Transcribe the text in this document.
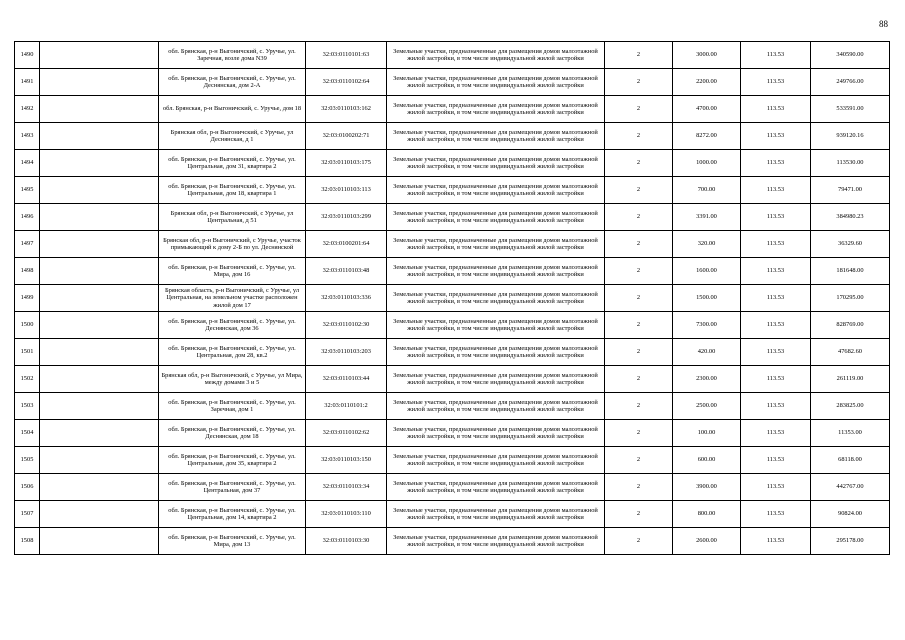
88
1490		обл. Брянская, р-н Выгоничский, с. Уручье, ул. Заречная, возле дома N39	32:03:0110101:63	Земельные участки, предназначенные для размещения домов малоэтажной жилой застройки, в том числе индивидуальной жилой застройки	2	3000.00	113.53	340590.00
1491		обл. Брянская, р-н Выгоничский, с. Уручье, ул. Деснянская, дом 2-А	32:03:0110102:64	Земельные участки, предназначенные для размещения домов малоэтажной жилой застройки, в том числе индивидуальной жилой застройки	2	2200.00	113.53	249766.00
1492		обл. Брянская, р-н Выгоничский, с. Уручье, дом 18	32:03:0110103:162	Земельные участки, предназначенные для размещения домов малоэтажной жилой застройки, в том числе индивидуальной жилой застройки	2	4700.00	113.53	533591.00
1493		Брянская обл, р-н Выгоничский, с Уручье, ул Деснянская, д 1	32:03:0100202:71	Земельные участки, предназначенные для размещения домов малоэтажной жилой застройки, в том числе индивидуальной жилой застройки	2	8272.00	113.53	939120.16
1494		обл. Брянская, р-н Выгоничский, с. Уручье, ул. Центральная, дом 31, квартира 2	32:03:0110103:175	Земельные участки, предназначенные для размещения домов малоэтажной жилой застройки, в том числе индивидуальной жилой застройки	2	1000.00	113.53	113530.00
1495		обл. Брянская, р-н Выгоничский, с. Уручье, ул. Центральная, дом 18, квартира 1	32:03:0110103:113	Земельные участки, предназначенные для размещения домов малоэтажной жилой застройки, в том числе индивидуальной жилой застройки	2	700.00	113.53	79471.00
1496		Брянская обл, р-н Выгоничский, с Уручье, ул Центральная, д 51	32:03:0110103:299	Земельные участки, предназначенные для размещения домов малоэтажной жилой застройки, в том числе индивидуальной жилой застройки	2	3391.00	113.53	384980.23
1497		Брянская обл, р-н Выгоничский, с Уручье, участок примыкающий к дому 2-Б по ул. Деснянской	32:03:0100201:64	Земельные участки, предназначенные для размещения домов малоэтажной жилой застройки, в том числе индивидуальной жилой застройки	2	320.00	113.53	36329.60
1498		обл. Брянская, р-н Выгоничский, с. Уручье, ул. Мира, дом 16	32:03:0110103:48	Земельные участки, предназначенные для размещения домов малоэтажной жилой застройки, в том числе индивидуальной жилой застройки	2	1600.00	113.53	181648.00
1499		Брянская область, р-н Выгоничский, с Уручье, ул Центральная, на земельном участке расположен жилой дом 17	32:03:0110103:336	Земельные участки, предназначенные для размещения домов малоэтажной жилой застройки, в том числе индивидуальной жилой застройки	2	1500.00	113.53	170295.00
1500		обл. Брянская, р-н Выгоничский, с. Уручье, ул. Деснянская, дом 36	32:03:0110102:30	Земельные участки, предназначенные для размещения домов малоэтажной жилой застройки, в том числе индивидуальной жилой застройки	2	7300.00	113.53	828769.00
1501		обл. Брянская, р-н Выгоничский, с. Уручье, ул. Центральная, дом 28, кв.2	32:03:0110103:203	Земельные участки, предназначенные для размещения домов малоэтажной жилой застройки, в том числе индивидуальной жилой застройки	2	420.00	113.53	47682.60
1502		Брянская обл, р-н Выгоничский, с Уручье, ул Мира, между домами 3 и 5	32:03:0110103:44	Земельные участки, предназначенные для размещения домов малоэтажной жилой застройки, в том числе индивидуальной жилой застройки	2	2300.00	113.53	261119.00
1503		обл. Брянская, р-н Выгоничский, с. Уручье, ул. Заречная, дом 1	32:03:0110101:2	Земельные участки, предназначенные для размещения домов малоэтажной жилой застройки, в том числе индивидуальной жилой застройки	2	2500.00	113.53	283825.00
1504		обл. Брянская, р-н Выгоничский, с. Уручье, ул. Деснянская, дом 18	32:03:0110102:62	Земельные участки, предназначенные для размещения домов малоэтажной жилой застройки, в том числе индивидуальной жилой застройки	2	100.00	113.53	11353.00
1505		обл. Брянская, р-н Выгоничский, с. Уручье, ул. Центральная, дом 35, квартира 2	32:03:0110103:150	Земельные участки, предназначенные для размещения домов малоэтажной жилой застройки, в том числе индивидуальной жилой застройки	2	600.00	113.53	68118.00
1506		обл. Брянская, р-н Выгоничский, с. Уручье, ул. Центральная, дом 37	32:03:0110103:34	Земельные участки, предназначенные для размещения домов малоэтажной жилой застройки, в том числе индивидуальной жилой застройки	2	3900.00	113.53	442767.00
1507		обл. Брянская, р-н Выгоничский, с. Уручье, ул. Центральная, дом 14, квартира 2	32:03:0110103:110	Земельные участки, предназначенные для размещения домов малоэтажной жилой застройки, в том числе индивидуальной жилой застройки	2	800.00	113.53	90824.00
1508		обл. Брянская, р-н Выгоничский, с. Уручье, ул. Мира, дом 13	32:03:0110103:30	Земельные участки, предназначенные для размещения домов малоэтажной жилой застройки, в том числе индивидуальной жилой застройки	2	2600.00	113.53	295178.00
